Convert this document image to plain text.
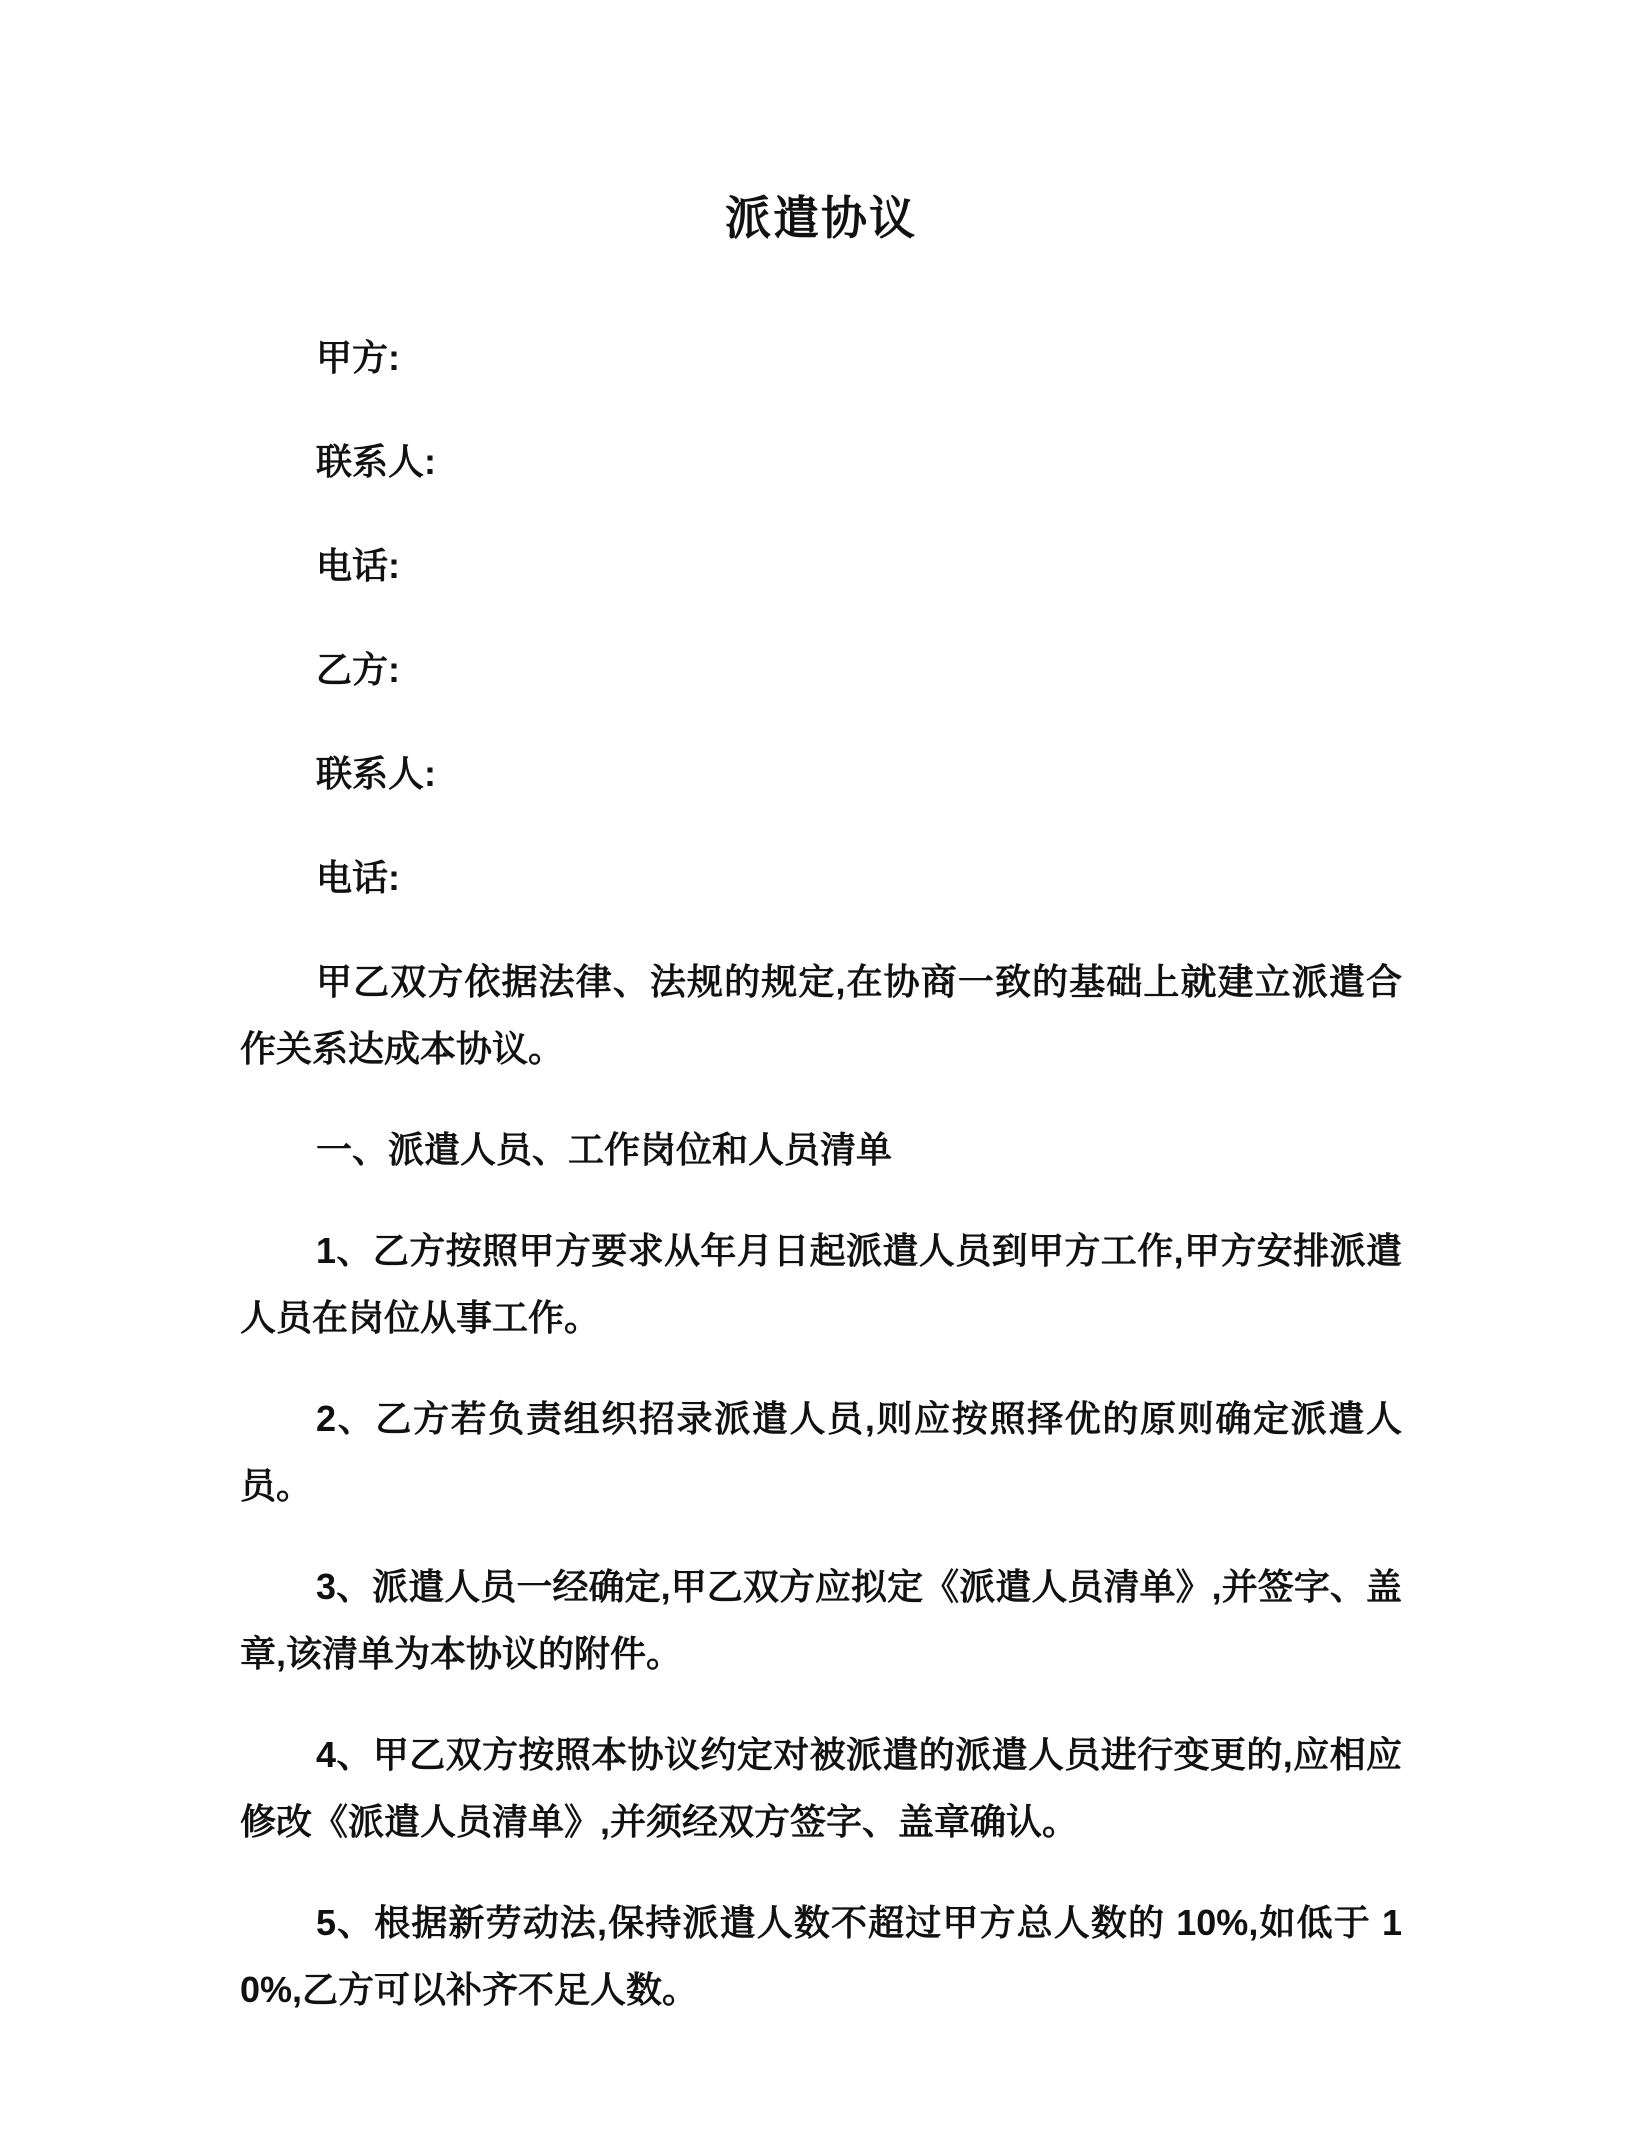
派遣协议

甲方:

联系人:

电话:

乙方:

联系人:

电话:

甲乙双方依据法律、法规的规定,在协商一致的基础上就建立派遣合作关系达成本协议。

一、派遣人员、工作岗位和人员清单

1、乙方按照甲方要求从年月日起派遣人员到甲方工作,甲方安排派遣人员在岗位从事工作。

2、乙方若负责组织招录派遣人员,则应按照择优的原则确定派遣人员。

3、派遣人员一经确定,甲乙双方应拟定《派遣人员清单》,并签字、盖章,该清单为本协议的附件。

4、甲乙双方按照本协议约定对被派遣的派遣人员进行变更的,应相应修改《派遣人员清单》,并须经双方签字、盖章确认。

5、根据新劳动法,保持派遣人数不超过甲方总人数的 10%,如低于 10%,乙方可以补齐不足人数。
